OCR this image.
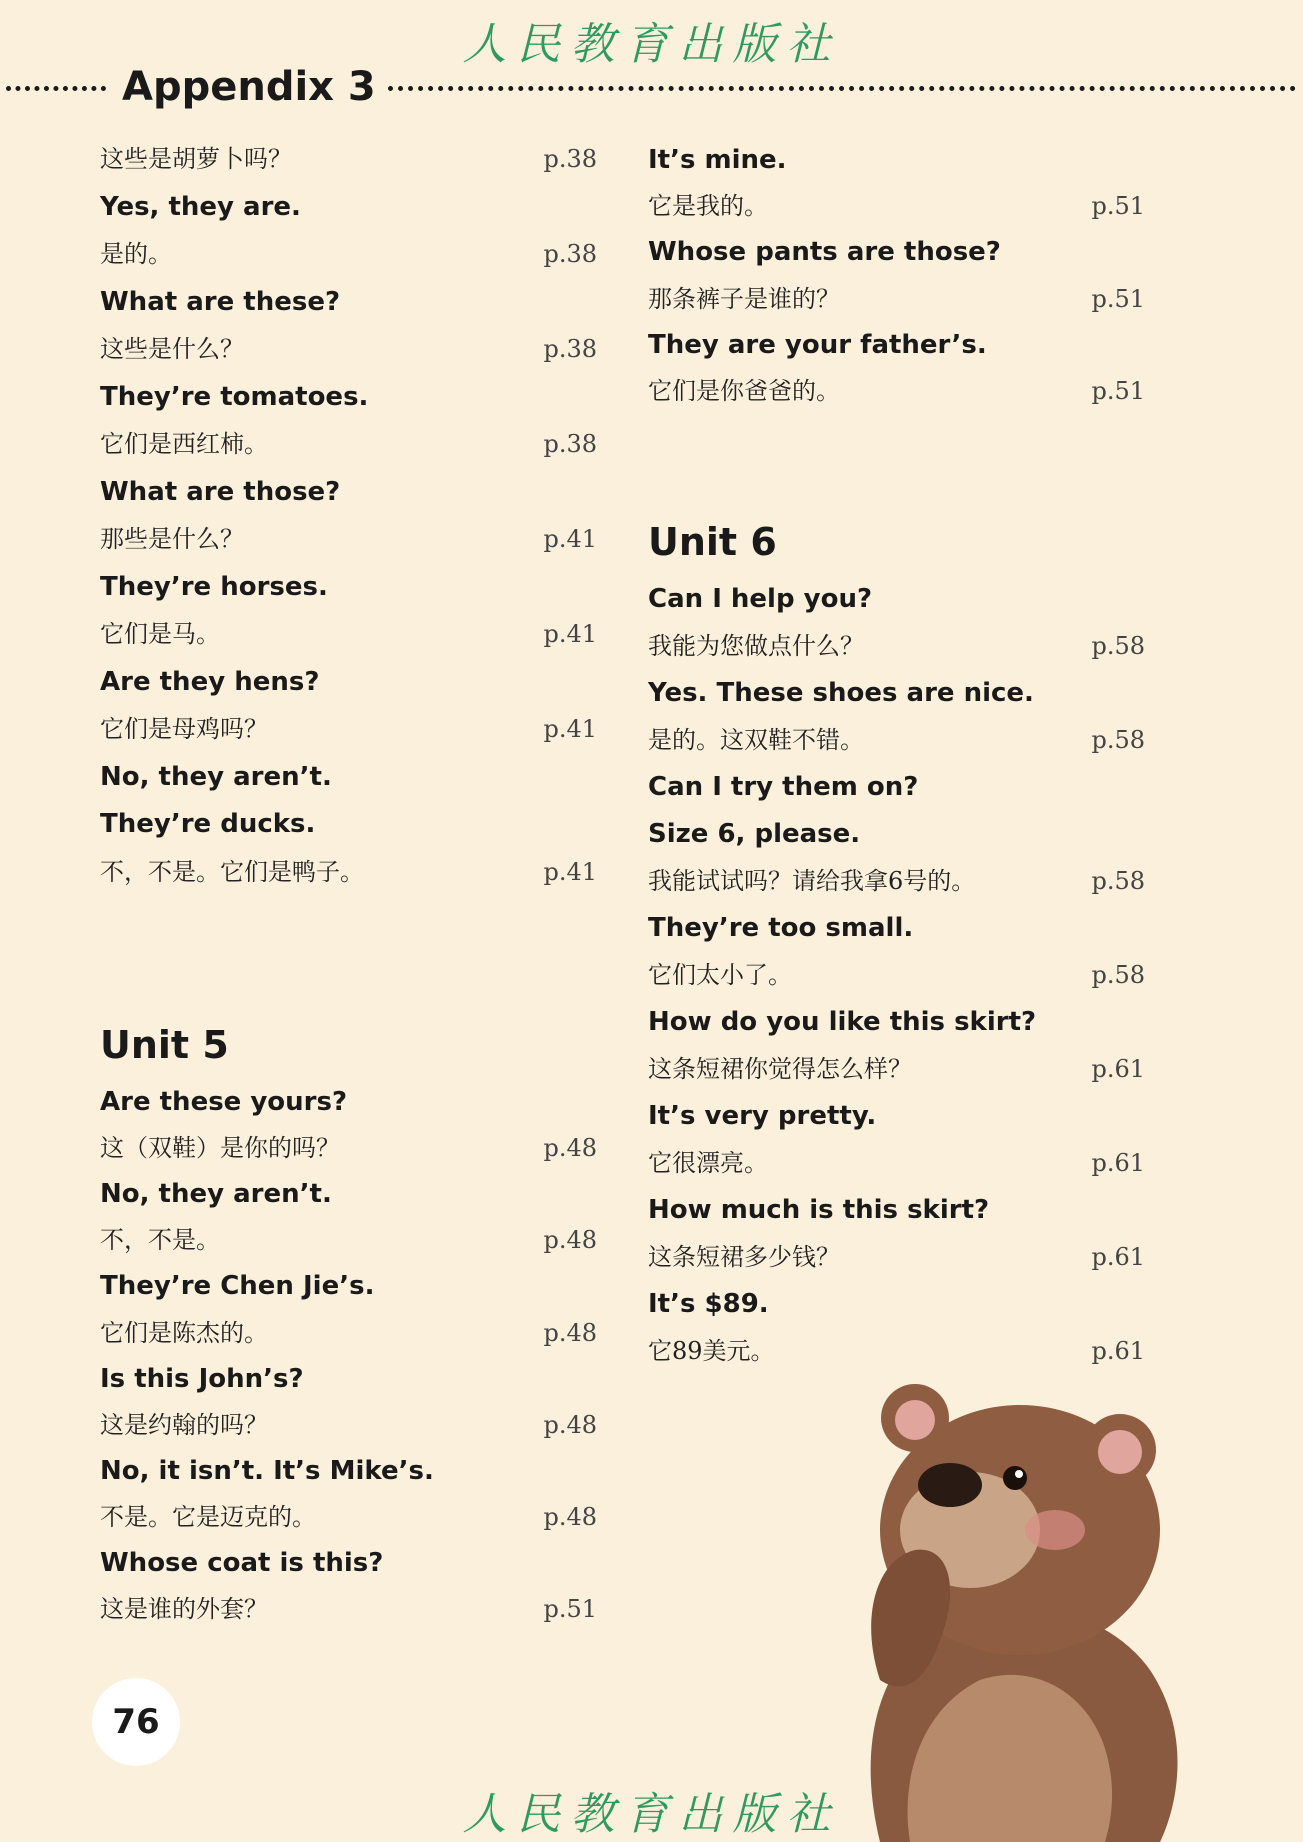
人民教育出版社
Appendix 3
这些是胡萝卜吗？	p.38
Yes, they are.
是的。	p.38
What are these?
这些是什么？	p.38
They’re tomatoes.
它们是西红柿。	p.38
What are those?
那些是什么？	p.41
They’re horses.
它们是马。	p.41
Are they hens?
它们是母鸡吗？	p.41
No, they aren’t.
They’re ducks.
不，不是。它们是鸭子。	p.41
Unit 5
Are these yours?
这（双鞋）是你的吗？	p.48
No, they aren’t.
不，不是。	p.48
They’re Chen Jie’s.
它们是陈杰的。	p.48
Is this John’s?
这是约翰的吗？	p.48
No, it isn’t. It’s Mike’s.
不是。它是迈克的。	p.48
Whose coat is this?
这是谁的外套？	p.51
It’s mine.
它是我的。	p.51
Whose pants are those?
那条裤子是谁的？	p.51
They are your father’s.
它们是你爸爸的。	p.51
Unit 6
Can I help you?
我能为您做点什么？	p.58
Yes. These shoes are nice.
是的。这双鞋不错。	p.58
Can I try them on?
Size 6, please.
我能试试吗？请给我拿6号的。	p.58
They’re too small.
它们太小了。	p.58
How do you like this skirt?
这条短裙你觉得怎么样？	p.61
It’s very pretty.
它很漂亮。	p.61
How much is this skirt?
这条短裙多少钱？	p.61
It’s $89.
它89美元。	p.61
76
人民教育出版社
